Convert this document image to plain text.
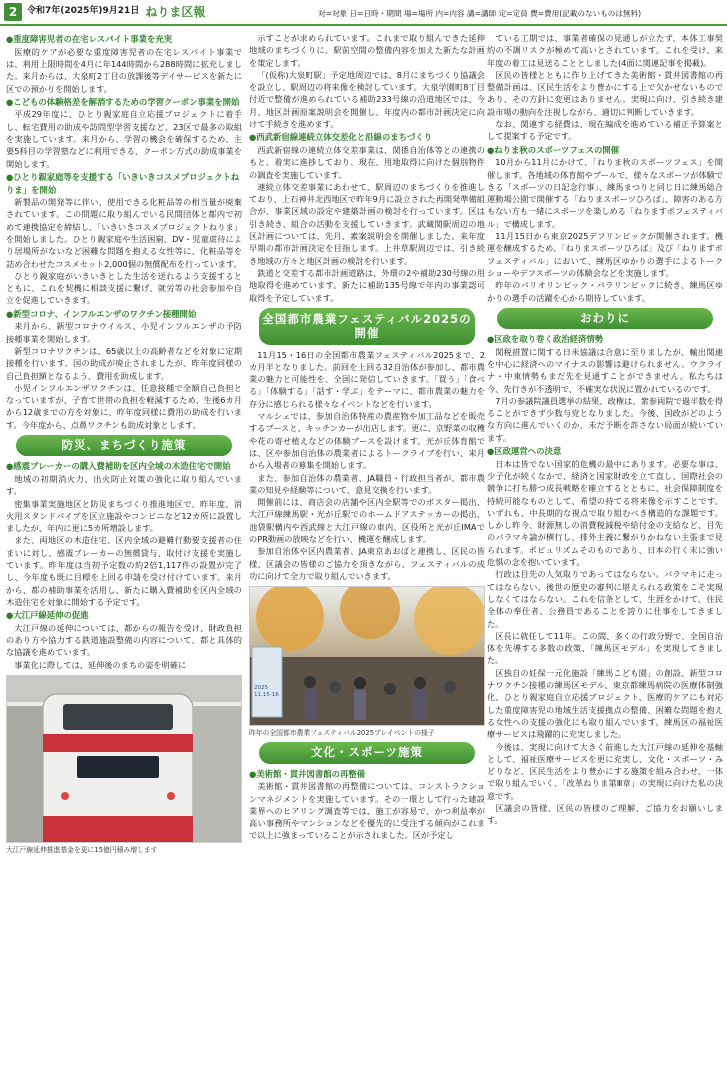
2	令和7年(2025年)9月21日 ねりま区報	対=対象 日=日時・期間 場=場所 内=内容 講=講師 定=定員 費=費用(記載のないものは無料)
●重度障害児者の在宅レスパイト事業を充実

医療的ケアが必要な重度障害児者の在宅レスパイト事業では、利用上限時間を4月に年144時間から288時間に拡充しました。来月からは、大泉町2丁目の放課後等デイサービスを新たに区での預かりを開始します。

●こどもの体験格差を解消するための学習クーポン事業を開始

平成29年度に、ひとり親家庭自立応援プロジェクトに着手し、転宅費用の助成や訪問型学習支援など、23区で最多の取組を実施しています。来月から、学習の機会を確保するため、主要5科目の学習塾などに利用できる、クーポン方式の助成事業を開始します。

●ひとり親家庭等を支援する「いきいきコスメプロジェクトねりま」を開始

新製品の開発等に伴い、使用できる化粧品等の相当量が廃棄されています。この問題に取り組んでいる民間団体と都内で初めて連携協定を締結し、「いきいきコスメプロジェクトねりま」を開始しました。ひとり親家庭や生活困窮、DV・児童虐待により居場所がないなど困難な問題を抱える女性等に、化粧品等を詰め合わせたコスメセット2,000個の無償配布を行っています。

ひとり親家庭がいきいきとした生活を送れるよう支援するとともに、これを契機に相談支援に繋げ、就労等の社会参加や自立を促進していきます。

●新型コロナ、インフルエンザのワクチン接種開始

来月から、新型コロナウイルス、小児インフルエンザの予防接種事業を開始します。

新型コロナワクチンは、65歳以上の高齢者などを対象に定期接種を行います。国の助成が廃止されましたが、昨年度同様の自己負担額となるよう、費用を助成します。

小児インフルエンザワクチンは、任意接種で全額自己負担となっていますが、子育て世帯の負担を軽減するため、生後6カ月から12歳までの方を対象に、昨年度同様に費用の助成を行います。今年度から、点鼻ワクチンも助成対象とします。

防災、まちづくり施策
●感震ブレーカーの購入費補助を区内全域の木造住宅で開始

地域の初期消火力、出火防止対策の強化に取り組んでいます。

密集事業実施地区と防災まちづくり推進地区で、昨年度、消火用スタンドパイプを区立施設やコンビニなど12カ所に設置しましたが、年内に更に5カ所増設します。

また、両地区の木造住宅、区内全域の避難行動要支援者の住まいに対し、感震ブレーカーの無償貸与、取付け支援を実施しています。昨年度は当初予定数の約2倍1,117件の設置が完了し、今年度も既に目標を上回る申請を受け付けています。来月から、都の補助事業を活用し、新たに購入費補助を区内全域の木造住宅を対象に開始する予定です。

●大江戸線延伸の促進

大江戸線の延伸については、都からの報告を受け、財政負担のあり方や協力する鉄道施設整備の内容について、都と具体的な協議を進めています。

事業化に際しては、延伸後のまちの姿を明確に

大江戸線延伸推進基金を更に15億円積み増します

示すことが求められています。これまで取り組んできた延伸地域のまちづくりに、駅前空間の整備内容を加えた新たな計画を策定します。

「(仮称)大泉町駅」予定地周辺では、8月にまちづくり協議会を設立し、駅周辺の将来像を検討しています。大泉学園町8丁目付近で整備が進められている補助233号線の沿道地区では、今月、地区計画原案説明会を開催し、年度内の都市計画決定に向けて手続きを進めます。

●西武新宿線連続立体交差化と沿線のまちづくり

西武新宿線の連続立体交差事業は、関係自治体等との連携のもと、着実に進捗しており、現在、用地取得に向けた個別物件の調査を実施しています。

連続立体交差事業にあわせて、駅周辺のまちづくりを推進しており、上石神井北西地区で昨年9月に設立された再開発準備組合が、事業区域の設定や建築計画の検討を行っています。区は引き続き、組合の活動を支援していきます。武蔵関駅周辺の地区計画については、先月、素案説明会を開催しました。来年度早期の都市計画決定を目指します。上井草駅周辺では、引き続き地域の方々と地区計画の検討を行います。

鉄道と交差する都市計画道路は、外環の2や補助230号線の用地取得を進めています。新たに補助135号線で年内の事業認可取得を予定しています。

全国都市農業フェスティバル2025の開催

11月15・16日の全国都市農業フェスティバル2025まで、2カ月半となりました。前回を上回る32自治体が参加し、都市農業の魅力と可能性を、全国に発信していきます。「買う」「食べる」「体験する」「話す・学ぶ」をテーマに、都市農業の魅力を存分に感じられる様々なイベントなどを行います。

マルシェでは、参加自治体特産の農産物や加工品などを販売するブースと、キッチンカーが出店します。更に、京野菜の収穫や花の寄せ植えなどの体験ブースを設けます。光が丘体育館では、区や参加自治体の農業者によるトークライブを行い、来月から入場者の募集を開始します。

また、参加自治体の農業者、JA職員・行政担当者が、都市農業の知見や経験等について、意見交換を行います。

開催前には、商店会の店舗や区内全駅等でのポスター掲出、大江戸線練馬駅・光が丘駅でのホームドアステッカーの掲出、池袋駅構内や西武線と大江戸線の車内、区役所と光が丘IMAでのPR動画の放映などを行い、機運を醸成します。

参加自治体や区内農業者、JA東京あおばと連携し、区民の皆様、区議会の皆様のご協力を頂きながら、フェスティバルの成功に向けて全力で取り組んでいきます。

2025 11.15-16
昨年の全国都市農業フェスティバル2025プレイベントの様子
文化・スポーツ施策
●美術館・貫井図書館の再整備

美術館・貫井図書館の再整備については、コンストラクションマネジメントを実施しています。その一環として行った建設業界へのヒアリング調査等では、施工が容易で、かつ利益率が高い事務所やマンションなどを優先的に受注する傾向がこれまで以上に強まっていることが示されました。区が予定し

ている工期では、事業者確保の見通しが立たず、本体工事契約の不調リスクが極めて高いとされています。これを受け、来年度の着工は見送ることとしました(4面に関連記事を掲載)。

区民の皆様とともに作り上げてきた美術館・貫井図書館の再整備計画は、区民生活をより豊かにする上で欠かせないものであり、その方針に変更はありません。実現に向け、引き続き建設市場の動向を注視しながら、適切に判断していきます。

なお、関連する経費は、現在編成を進めている補正予算案として提案する予定です。

●ねりま秋のスポーツフェスの開催

10月から11月にかけて、「ねりま秋のスポーツフェス」を開催します。各地域の体育館やプールで、様々なスポーツが体験できる「スポーツの日記念行事」、練馬まつりと同じ日に練馬総合運動場公園で開催する「ねりまスポーツひろば」、障害のある方もない方も一緒にスポーツを楽しめる「ねりますポフェスティバル」で構成します。

11月15日から東京2025デフリンピックが開催されます。機運を醸成するため、「ねりまスポーツひろば」及び「ねりますポフェスティバル」において、練馬区ゆかりの選手によるトークショーやデフスポーツの体験会などを実施します。

昨年のパリオリンピック・パラリンピックに続き、練馬区ゆかりの選手の活躍を心から期待しています。

おわりに
●区政を取り巻く政治経済情勢

関税措置に関する日米協議は合意に至りましたが、輸出関連を中心に経済へのマイナスの影響は避けられません。ウクライナ・中東情勢もまだ先を見通すことができません。私たちは今、先行きが不透明で、不確実な状況に置かれているのです。

7月の参議院議員選挙の結果、政権は、衆参両院で過半数を得ることができず少数与党となりました。今後、国政がどのような方向に進んでいくのか、未だ予断を許さない局面が続いています。

●区政運営への決意

日本は皆でない国家的危機の最中にあります。必要な事は、少子化が続くなかで、経済と国家財政を立て直し、国際社会の競争に打ち勝つ成長戦略を確立するとともに、社会保障制度を持続可能なものとして、希望の持てる将来像を示すことです。いずれも、中長期的な視点で取り組むべき構造的な課題です。しかし昨今、財源無しの消費税減税や給付金の支給など、目先のバラマキ論が横行し、排外主義に繋がりかねない主張まで見られます。ポピュリズムそのものであり、日本の行く末に強い危惧の念を抱いています。

行政は目先の人気取りであってはならない。バラマキに走ってはならない。後世の歴史の審判に堪えられる政策をこそ実現しなくてはならない。これを信条として、生涯をかけて、住民全体の奉仕者、公務員であることを誇りに仕事をしてきました。

区長に就任して11年。この間、多くの行政分野で、全国自治体を先導する多数の政策、「練馬区モデル」を実現してきました。

区独自の妊保一元化施設「練馬こども園」の創設、新型コロナワクチン接種の練馬区モデル、東京都練馬病院の医療体制強化、ひとり親家庭自立応援プロジェクト、医療的ケアにも対応した重度障害児の地域生活支援拠点の整備、困難な問題を抱える女性への支援の強化にも取り組んでいます。練馬区の福祉医療サービスは飛躍的に充実しました。

今後は、実現に向けて大きく前進した大江戸線の延伸を基軸として、福祉医療サービスを更に充実し、文化・スポーツ・みどりなど、区民生活をより豊かにする施策を組み合わせ、一体で取り組んでいく、「改革ねりま第Ⅲ章」の実現に向けた私の決意です。

区議会の皆様、区民の皆様のご理解、ご協力をお願いします。
